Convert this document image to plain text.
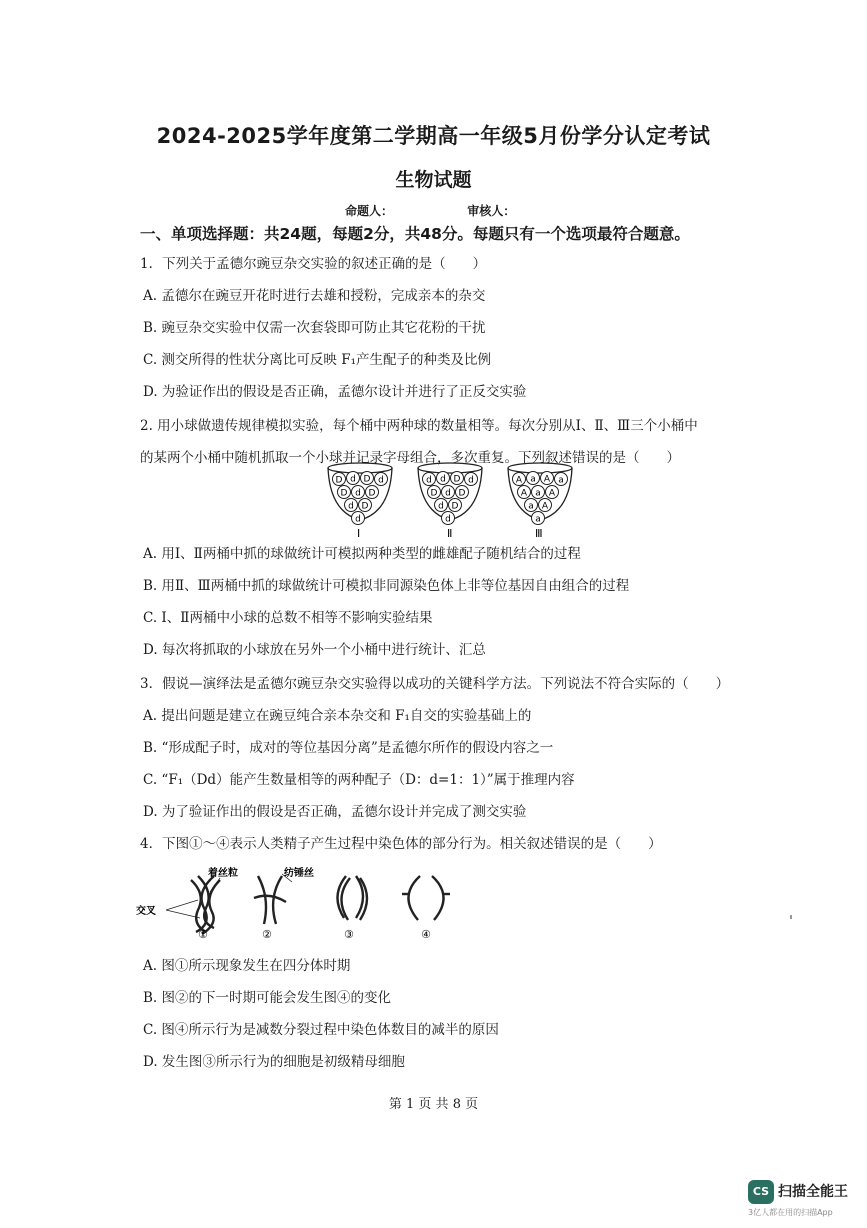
2024-2025学年度第二学期高一年级5月份学分认定考试
生物试题
命题人：	审核人：
一、单项选择题：共24题，每题2分，共48分。每题只有一个选项最符合题意。
1．下列关于孟德尔豌豆杂交实验的叙述正确的是（　　）
A. 孟德尔在豌豆开花时进行去雄和授粉，完成亲本的杂交
B. 豌豆杂交实验中仅需一次套袋即可防止其它花粉的干扰
C. 测交所得的性状分离比可反映 F₁产生配子的种类及比例
D. 为验证作出的假设是否正确，孟德尔设计并进行了正反交实验
2. 用小球做遗传规律模拟实验，每个桶中两种球的数量相等。每次分别从Ⅰ、Ⅱ、Ⅲ三个小桶中
的某两个小桶中随机抓取一个小球并记录字母组合，多次重复。下列叙述错误的是（　　）
D d D d
D d D
d D
d
Ⅰ
d d D d
D d D
d D
d
Ⅱ
A a A a
A a A
a A
a
Ⅲ
A. 用Ⅰ、Ⅱ两桶中抓的球做统计可模拟两种类型的雌雄配子随机结合的过程
B. 用Ⅱ、Ⅲ两桶中抓的球做统计可模拟非同源染色体上非等位基因自由组合的过程
C. Ⅰ、Ⅱ两桶中小球的总数不相等不影响实验结果
D. 每次将抓取的小球放在另外一个小桶中进行统计、汇总
3．假说—演绎法是孟德尔豌豆杂交实验得以成功的关键科学方法。下列说法不符合实际的（　　）
A. 提出问题是建立在豌豆纯合亲本杂交和 F₁自交的实验基础上的
B. “形成配子时，成对的等位基因分离”是孟德尔所作的假设内容之一
C. “F₁（Dd）能产生数量相等的两种配子（D：d=1：1）”属于推理内容
D. 为了验证作出的假设是否正确，孟德尔设计并完成了测交实验
4．下图①～④表示人类精子产生过程中染色体的部分行为。相关叙述错误的是（　　）
交叉
着丝粒
①
纺锤丝
②	③	④
A. 图①所示现象发生在四分体时期
B. 图②的下一时期可能会发生图④的变化
C. 图④所示行为是减数分裂过程中染色体数目的减半的原因
D. 发生图③所示行为的细胞是初级精母细胞
第 1 页 共 8 页
CS 扫描全能王
3亿人都在用的扫描App
